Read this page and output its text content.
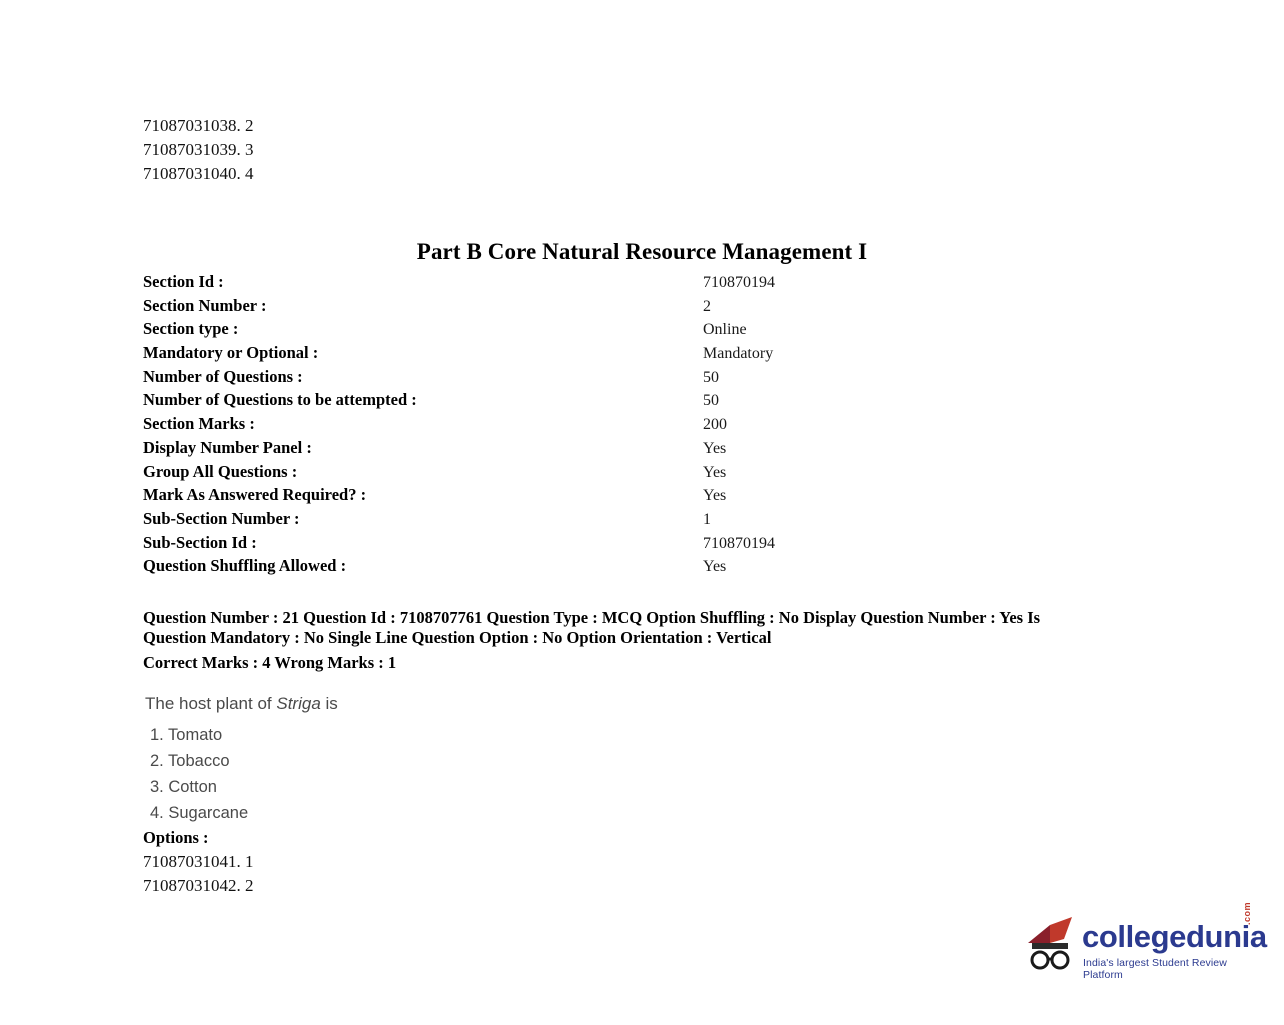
71087031038. 2
71087031039. 3
71087031040. 4
Part B Core Natural Resource Management I
Section Id :	710870194
Section Number :	2
Section type :	Online
Mandatory or Optional :	Mandatory
Number of Questions :	50
Number of Questions to be attempted :	50
Section Marks :	200
Display Number Panel :	Yes
Group All Questions :	Yes
Mark As Answered Required? :	Yes
Sub-Section Number :	1
Sub-Section Id :	710870194
Question Shuffling Allowed :	Yes
Question Number : 21 Question Id : 7108707761 Question Type : MCQ Option Shuffling : No Display Question Number : Yes Is
Question Mandatory : No Single Line Question Option : No Option Orientation : Vertical
Correct Marks : 4 Wrong Marks : 1
The host plant of Striga is
1. Tomato
2. Tobacco
3. Cotton
4. Sugarcane
Options :
71087031041. 1
71087031042. 2
collegedunia
.com
India's largest Student Review Platform
